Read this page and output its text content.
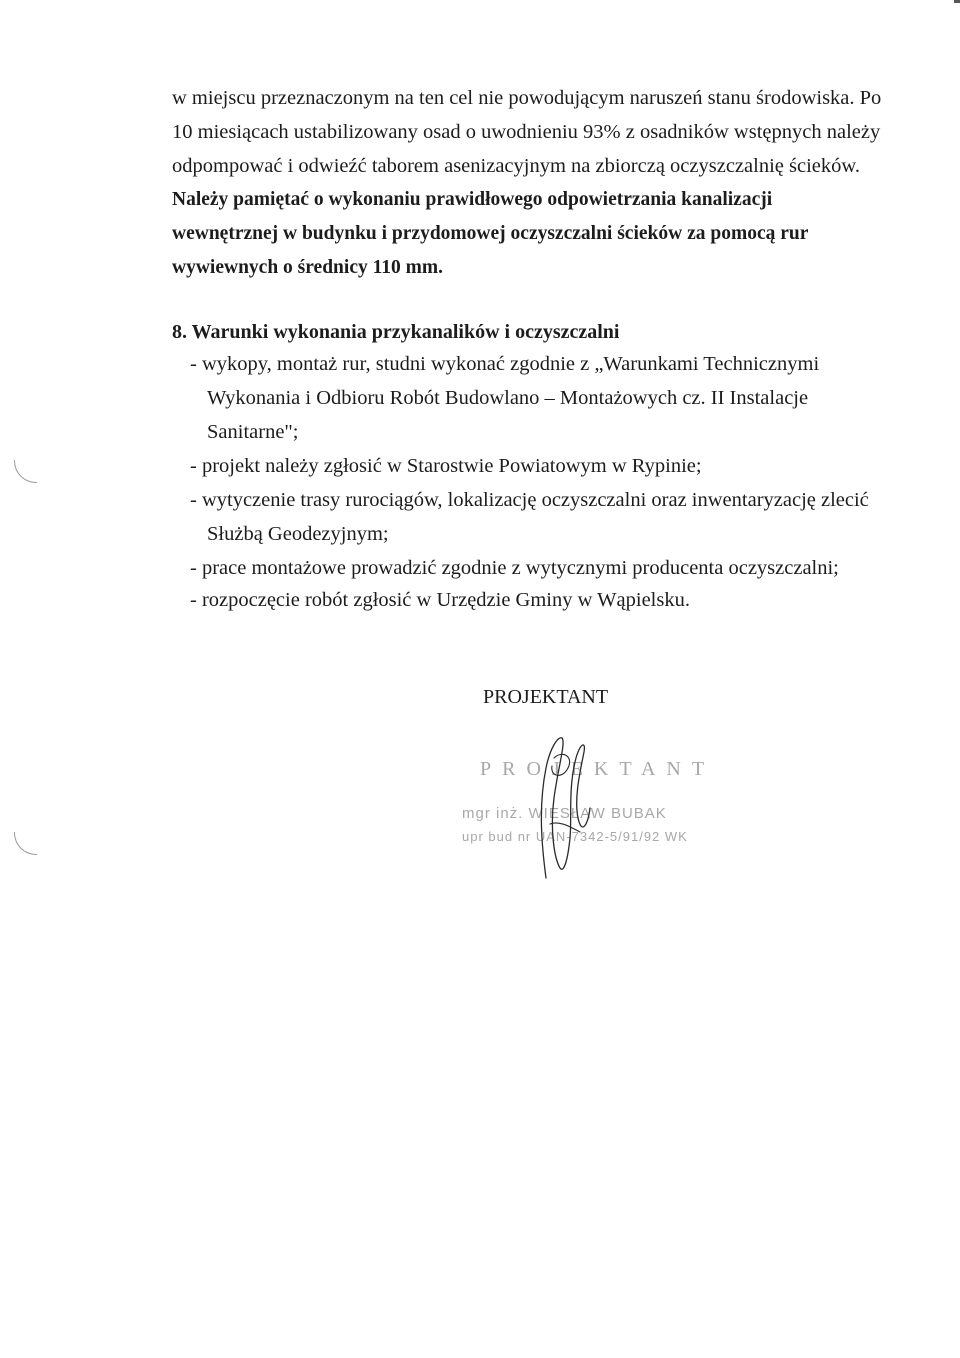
w miejscu przeznaczonym na ten cel nie powodującym naruszeń stanu środowiska. Po
10 miesiącach ustabilizowany osad o uwodnieniu 93% z osadników wstępnych należy
odpompować i odwieźć taborem asenizacyjnym na zbiorczą oczyszczalnię ścieków.
Należy pamiętać o wykonaniu prawidłowego odpowietrzania kanalizacji
wewnętrznej w budynku i przydomowej oczyszczalni ścieków za pomocą rur
wywiewnych o średnicy 110 mm.
8. Warunki wykonania przykanalików i oczyszczalni
- wykopy, montaż rur, studni wykonać zgodnie z „Warunkami Technicznymi
Wykonania i Odbioru Robót Budowlano – Montażowych cz. II Instalacje
Sanitarne";
- projekt należy zgłosić w Starostwie Powiatowym w Rypinie;
- wytyczenie trasy rurociągów, lokalizację oczyszczalni oraz inwentaryzację zlecić
Służbą Geodezyjnym;
- prace montażowe prowadzić zgodnie z wytycznymi producenta oczyszczalni;
- rozpoczęcie robót zgłosić w Urzędzie Gminy w Wąpielsku.
PROJEKTANT
PROJEKTANT
mgr inż. WIESŁAW BUBAK
upr bud nr UAN-7342-5/91/92 WK
